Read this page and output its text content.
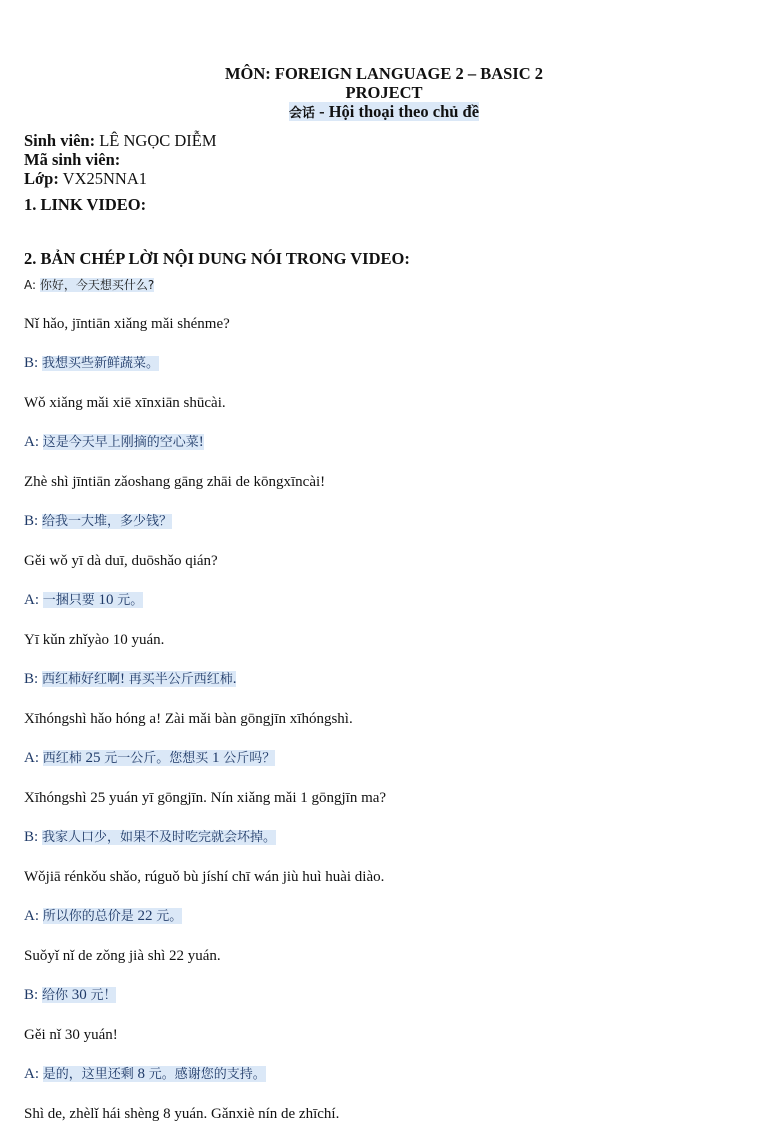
MÔN: FOREIGN LANGUAGE 2 – BASIC 2
PROJECT
会话 - Hội thoại theo chủ đề
Sinh viên: LÊ NGỌC DIỄM
Mã sinh viên:
Lớp: VX25NNA1
1. LINK VIDEO:
2. BẢN CHÉP LỜI NỘI DUNG NÓI TRONG VIDEO:

A: 你好，今天想买什么?

Nǐ hǎo, jīntiān xiǎng mǎi shénme?

B: 我想买些新鲜蔬菜。

Wǒ xiǎng mǎi xiē xīnxiān shūcài.

A: 这是今天早上刚摘的空心菜!

Zhè shì jīntiān zǎoshang gāng zhāi de kōngxīncài!

B: 给我一大堆，多少钱？

Gěi wǒ yī dà duī, duōshǎo qián?

A: 一捆只要 10 元。

Yī kǔn zhǐyào 10 yuán.

B: 西红柿好红啊! 再买半公斤西红柿.

Xīhóngshì hǎo hóng a! Zài mǎi bàn gōngjīn xīhóngshì.

A: 西红柿 25 元一公斤。您想买 1 公斤吗？

Xīhóngshì 25 yuán yī gōngjīn. Nín xiǎng mǎi 1 gōngjīn ma?

B: 我家人口少，如果不及时吃完就会坏掉。

Wǒjiā rénkǒu shǎo, rúguǒ bù jíshí chī wán jiù huì huài diào.

A: 所以你的总价是 22 元。

Suǒyǐ nǐ de zǒng jià shì 22 yuán.

B: 给你 30 元！

Gěi nǐ 30 yuán!

A: 是的，这里还剩 8 元。感谢您的支持。

Shì de, zhèlǐ hái shèng 8 yuán. Gǎnxiè nín de zhīchí.
